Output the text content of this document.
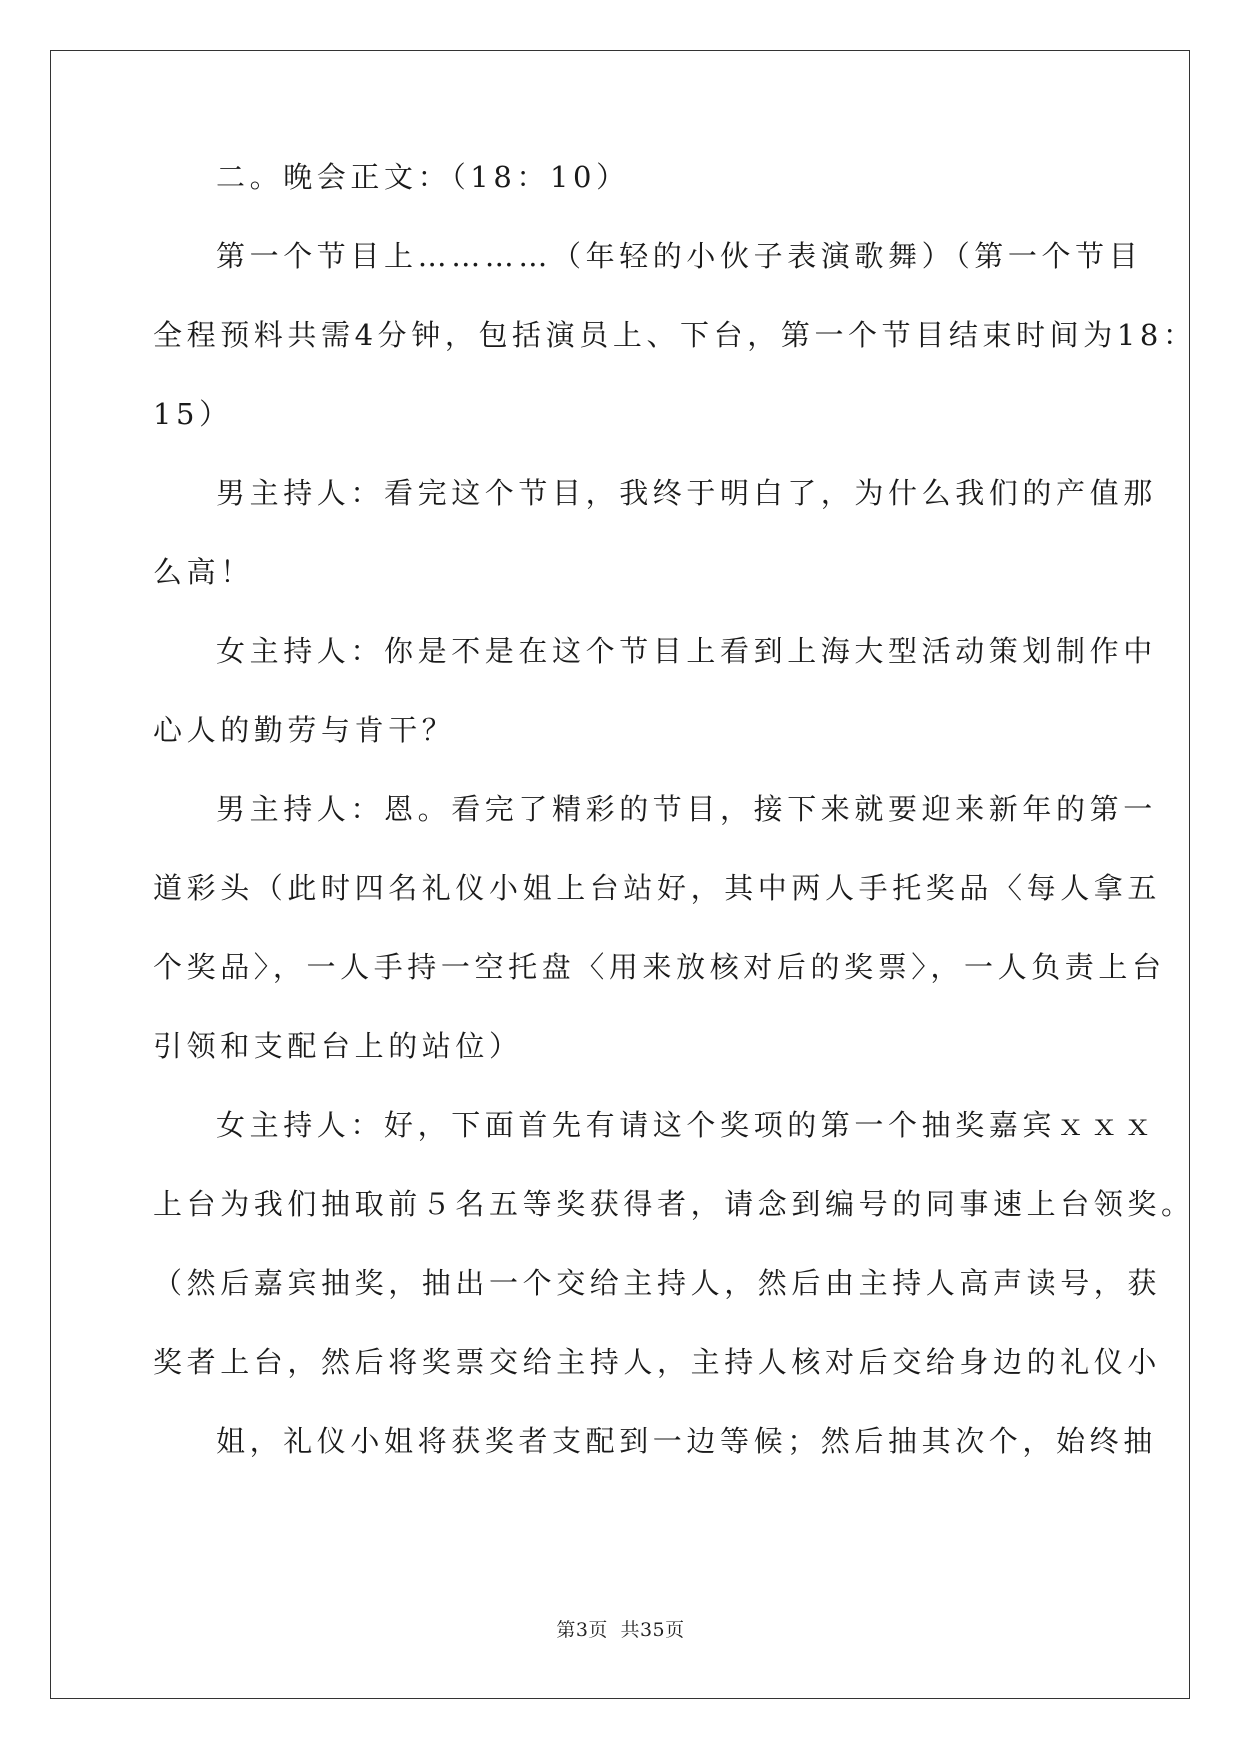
二。晚会正文：（18：10）
第一个节目上…………（年轻的小伙子表演歌舞）（第一个节目
全程预料共需4分钟，包括演员上、下台，第一个节目结束时间为18：
15）
男主持人：看完这个节目，我终于明白了，为什么我们的产值那
么高！
女主持人：你是不是在这个节目上看到上海大型活动策划制作中
心人的勤劳与肯干？
男主持人：恩。看完了精彩的节目，接下来就要迎来新年的第一
道彩头（此时四名礼仪小姐上台站好，其中两人手托奖品〈每人拿五
个奖品〉，一人手持一空托盘〈用来放核对后的奖票〉，一人负责上台
引领和支配台上的站位）
女主持人：好，下面首先有请这个奖项的第一个抽奖嘉宾ｘｘｘ
上台为我们抽取前５名五等奖获得者，请念到编号的同事速上台领奖。
（然后嘉宾抽奖，抽出一个交给主持人，然后由主持人高声读号，获
奖者上台，然后将奖票交给主持人，主持人核对后交给身边的礼仪小
姐，礼仪小姐将获奖者支配到一边等候；然后抽其次个，始终抽
第3页 共35页
